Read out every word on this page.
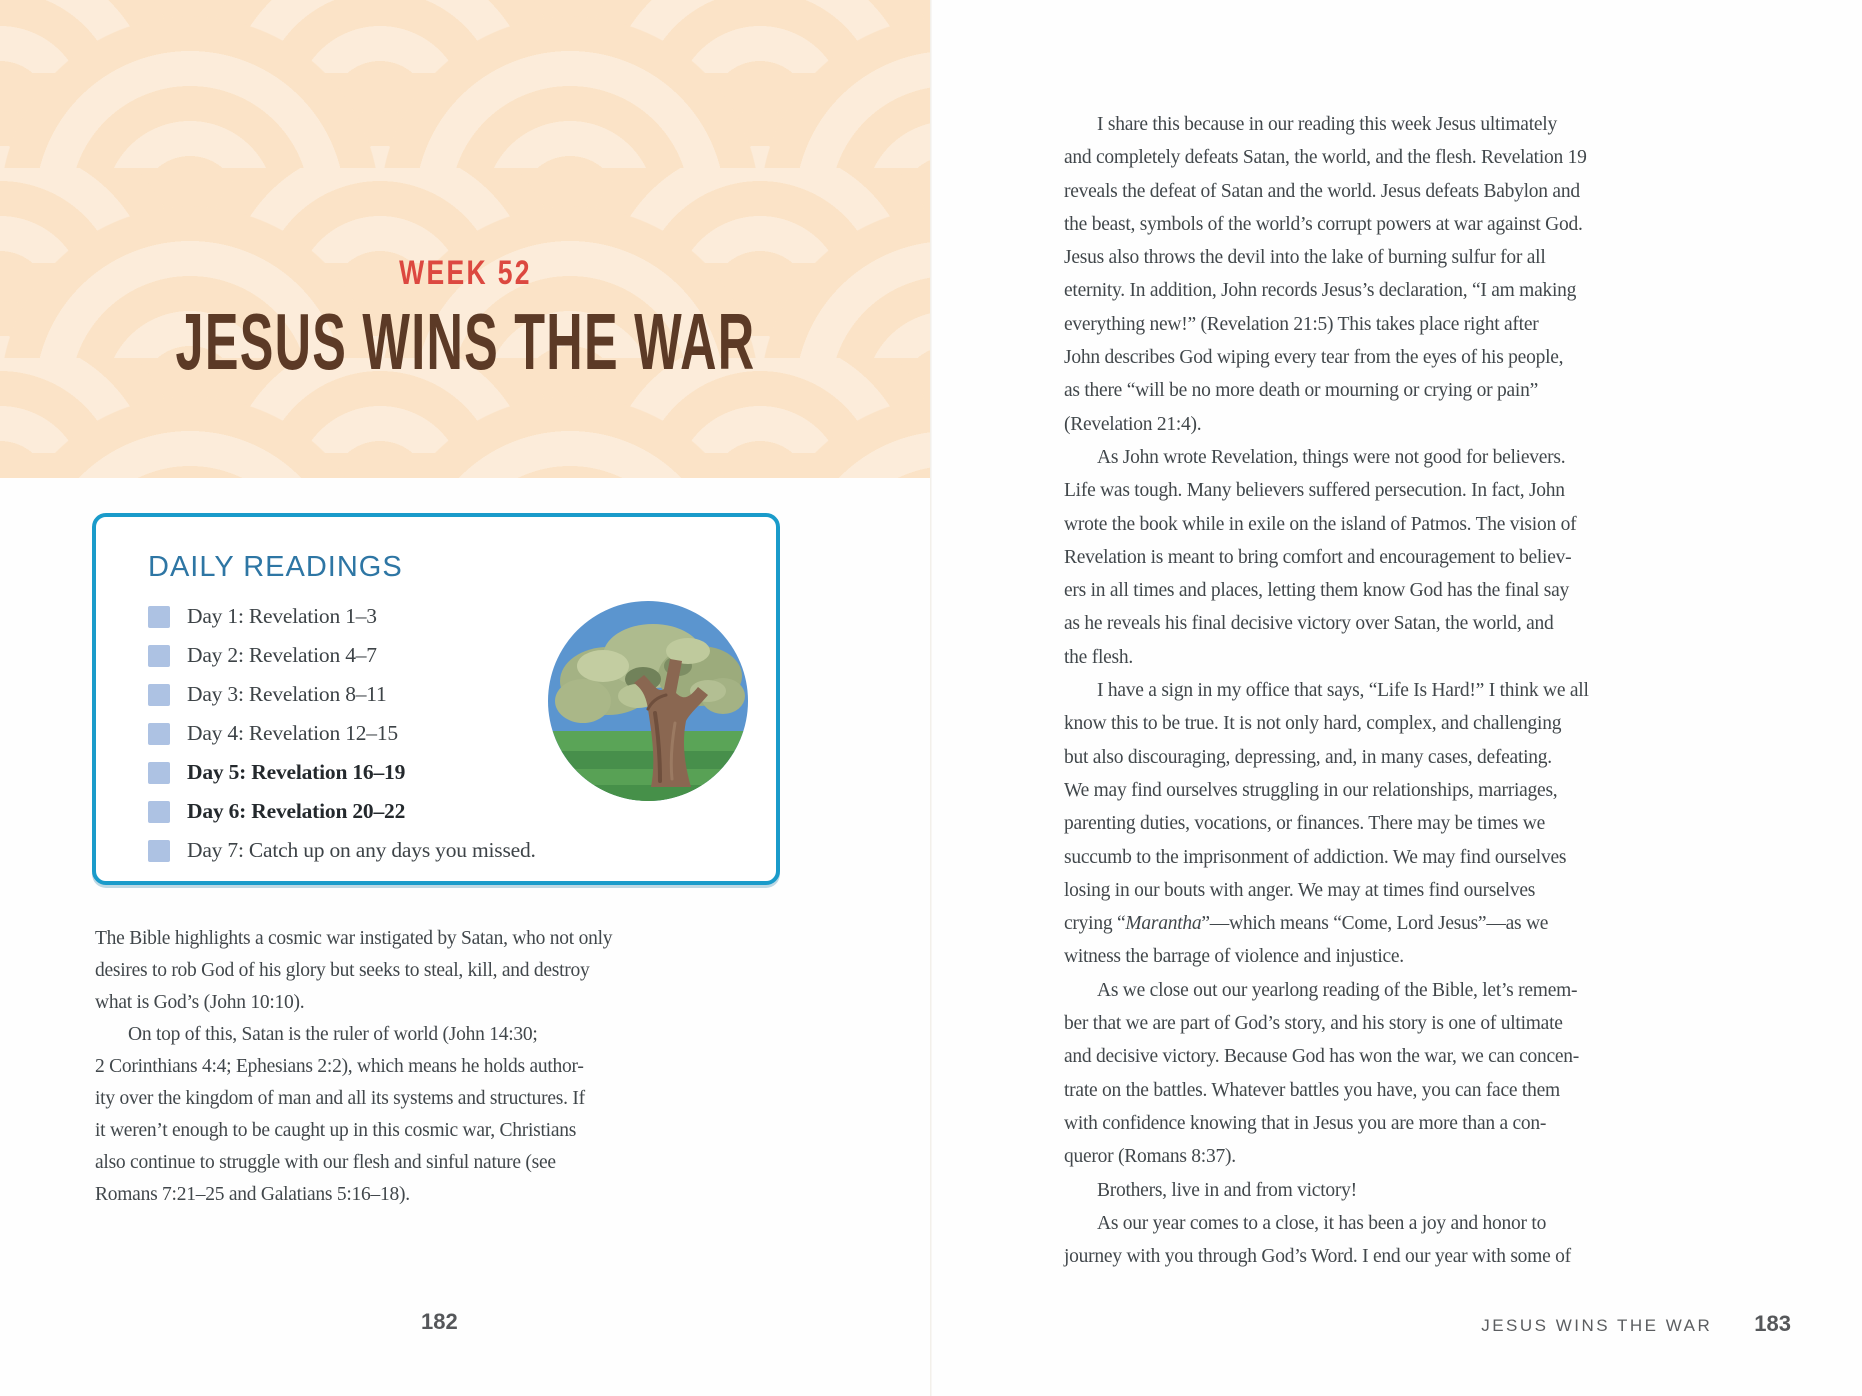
WEEK 52
JESUS WINS THE WAR
DAILY READINGS
Day 1: Revelation 1–3
Day 2: Revelation 4–7
Day 3: Revelation 8–11
Day 4: Revelation 12–15
Day 5: Revelation 16–19
Day 6: Revelation 20–22
Day 7: Catch up on any days you missed.
The Bible highlights a cosmic war instigated by Satan, who not only
desires to rob God of his glory but seeks to steal, kill, and destroy
what is God’s (John 10:10).
On top of this, Satan is the ruler of world (John 14:30;
2 Corinthians 4:4; Ephesians 2:2), which means he holds author-
ity over the kingdom of man and all its systems and structures. If
it weren’t enough to be caught up in this cosmic war, Christians
also continue to struggle with our flesh and sinful nature (see
Romans 7:21–25 and Galatians 5:16–18).
182
I share this because in our reading this week Jesus ultimately
and completely defeats Satan, the world, and the flesh. Revelation 19
reveals the defeat of Satan and the world. Jesus defeats Babylon and
the beast, symbols of the world’s corrupt powers at war against God.
Jesus also throws the devil into the lake of burning sulfur for all
eternity. In addition, John records Jesus’s declaration, “I am making
everything new!” (Revelation 21:5) This takes place right after
John describes God wiping every tear from the eyes of his people,
as there “will be no more death or mourning or crying or pain”
(Revelation 21:4).
As John wrote Revelation, things were not good for believers.
Life was tough. Many believers suffered persecution. In fact, John
wrote the book while in exile on the island of Patmos. The vision of
Revelation is meant to bring comfort and encouragement to believ-
ers in all times and places, letting them know God has the final say
as he reveals his final decisive victory over Satan, the world, and
the flesh.
I have a sign in my office that says, “Life Is Hard!” I think we all
know this to be true. It is not only hard, complex, and challenging
but also discouraging, depressing, and, in many cases, defeating.
We may find ourselves struggling in our relationships, marriages,
parenting duties, vocations, or finances. There may be times we
succumb to the imprisonment of addiction. We may find ourselves
losing in our bouts with anger. We may at times find ourselves
crying “Marantha”—which means “Come, Lord Jesus”—as we
witness the barrage of violence and injustice.
As we close out our yearlong reading of the Bible, let’s remem-
ber that we are part of God’s story, and his story is one of ultimate
and decisive victory. Because God has won the war, we can concen-
trate on the battles. Whatever battles you have, you can face them
with confidence knowing that in Jesus you are more than a con-
queror (Romans 8:37).
Brothers, live in and from victory!
As our year comes to a close, it has been a joy and honor to
journey with you through God’s Word. I end our year with some of
JESUS WINS THE WAR 183
